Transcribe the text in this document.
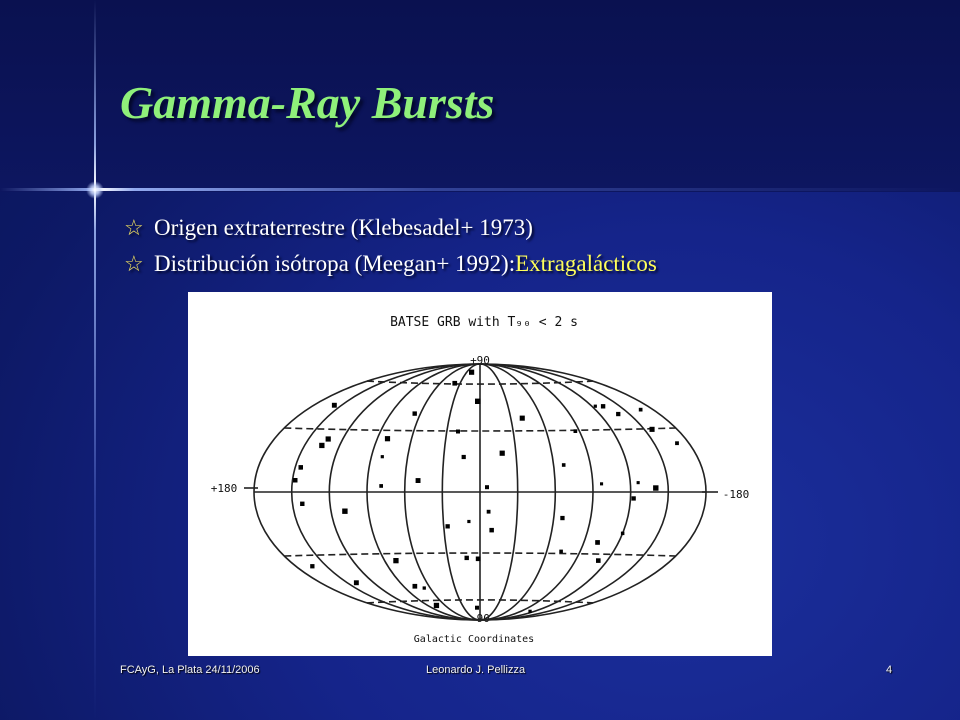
Gamma-Ray Bursts
☆ Origen extraterrestre (Klebesadel+ 1973)
☆ Distribución isótropa (Meegan+ 1992): Extragalácticos
BATSE GRB with T₉₀ < 2 s
+90
-90
+180	-180
Galactic Coordinates
FCAyG, La Plata 24/11/2006	Leonardo J. Pellizza	4
